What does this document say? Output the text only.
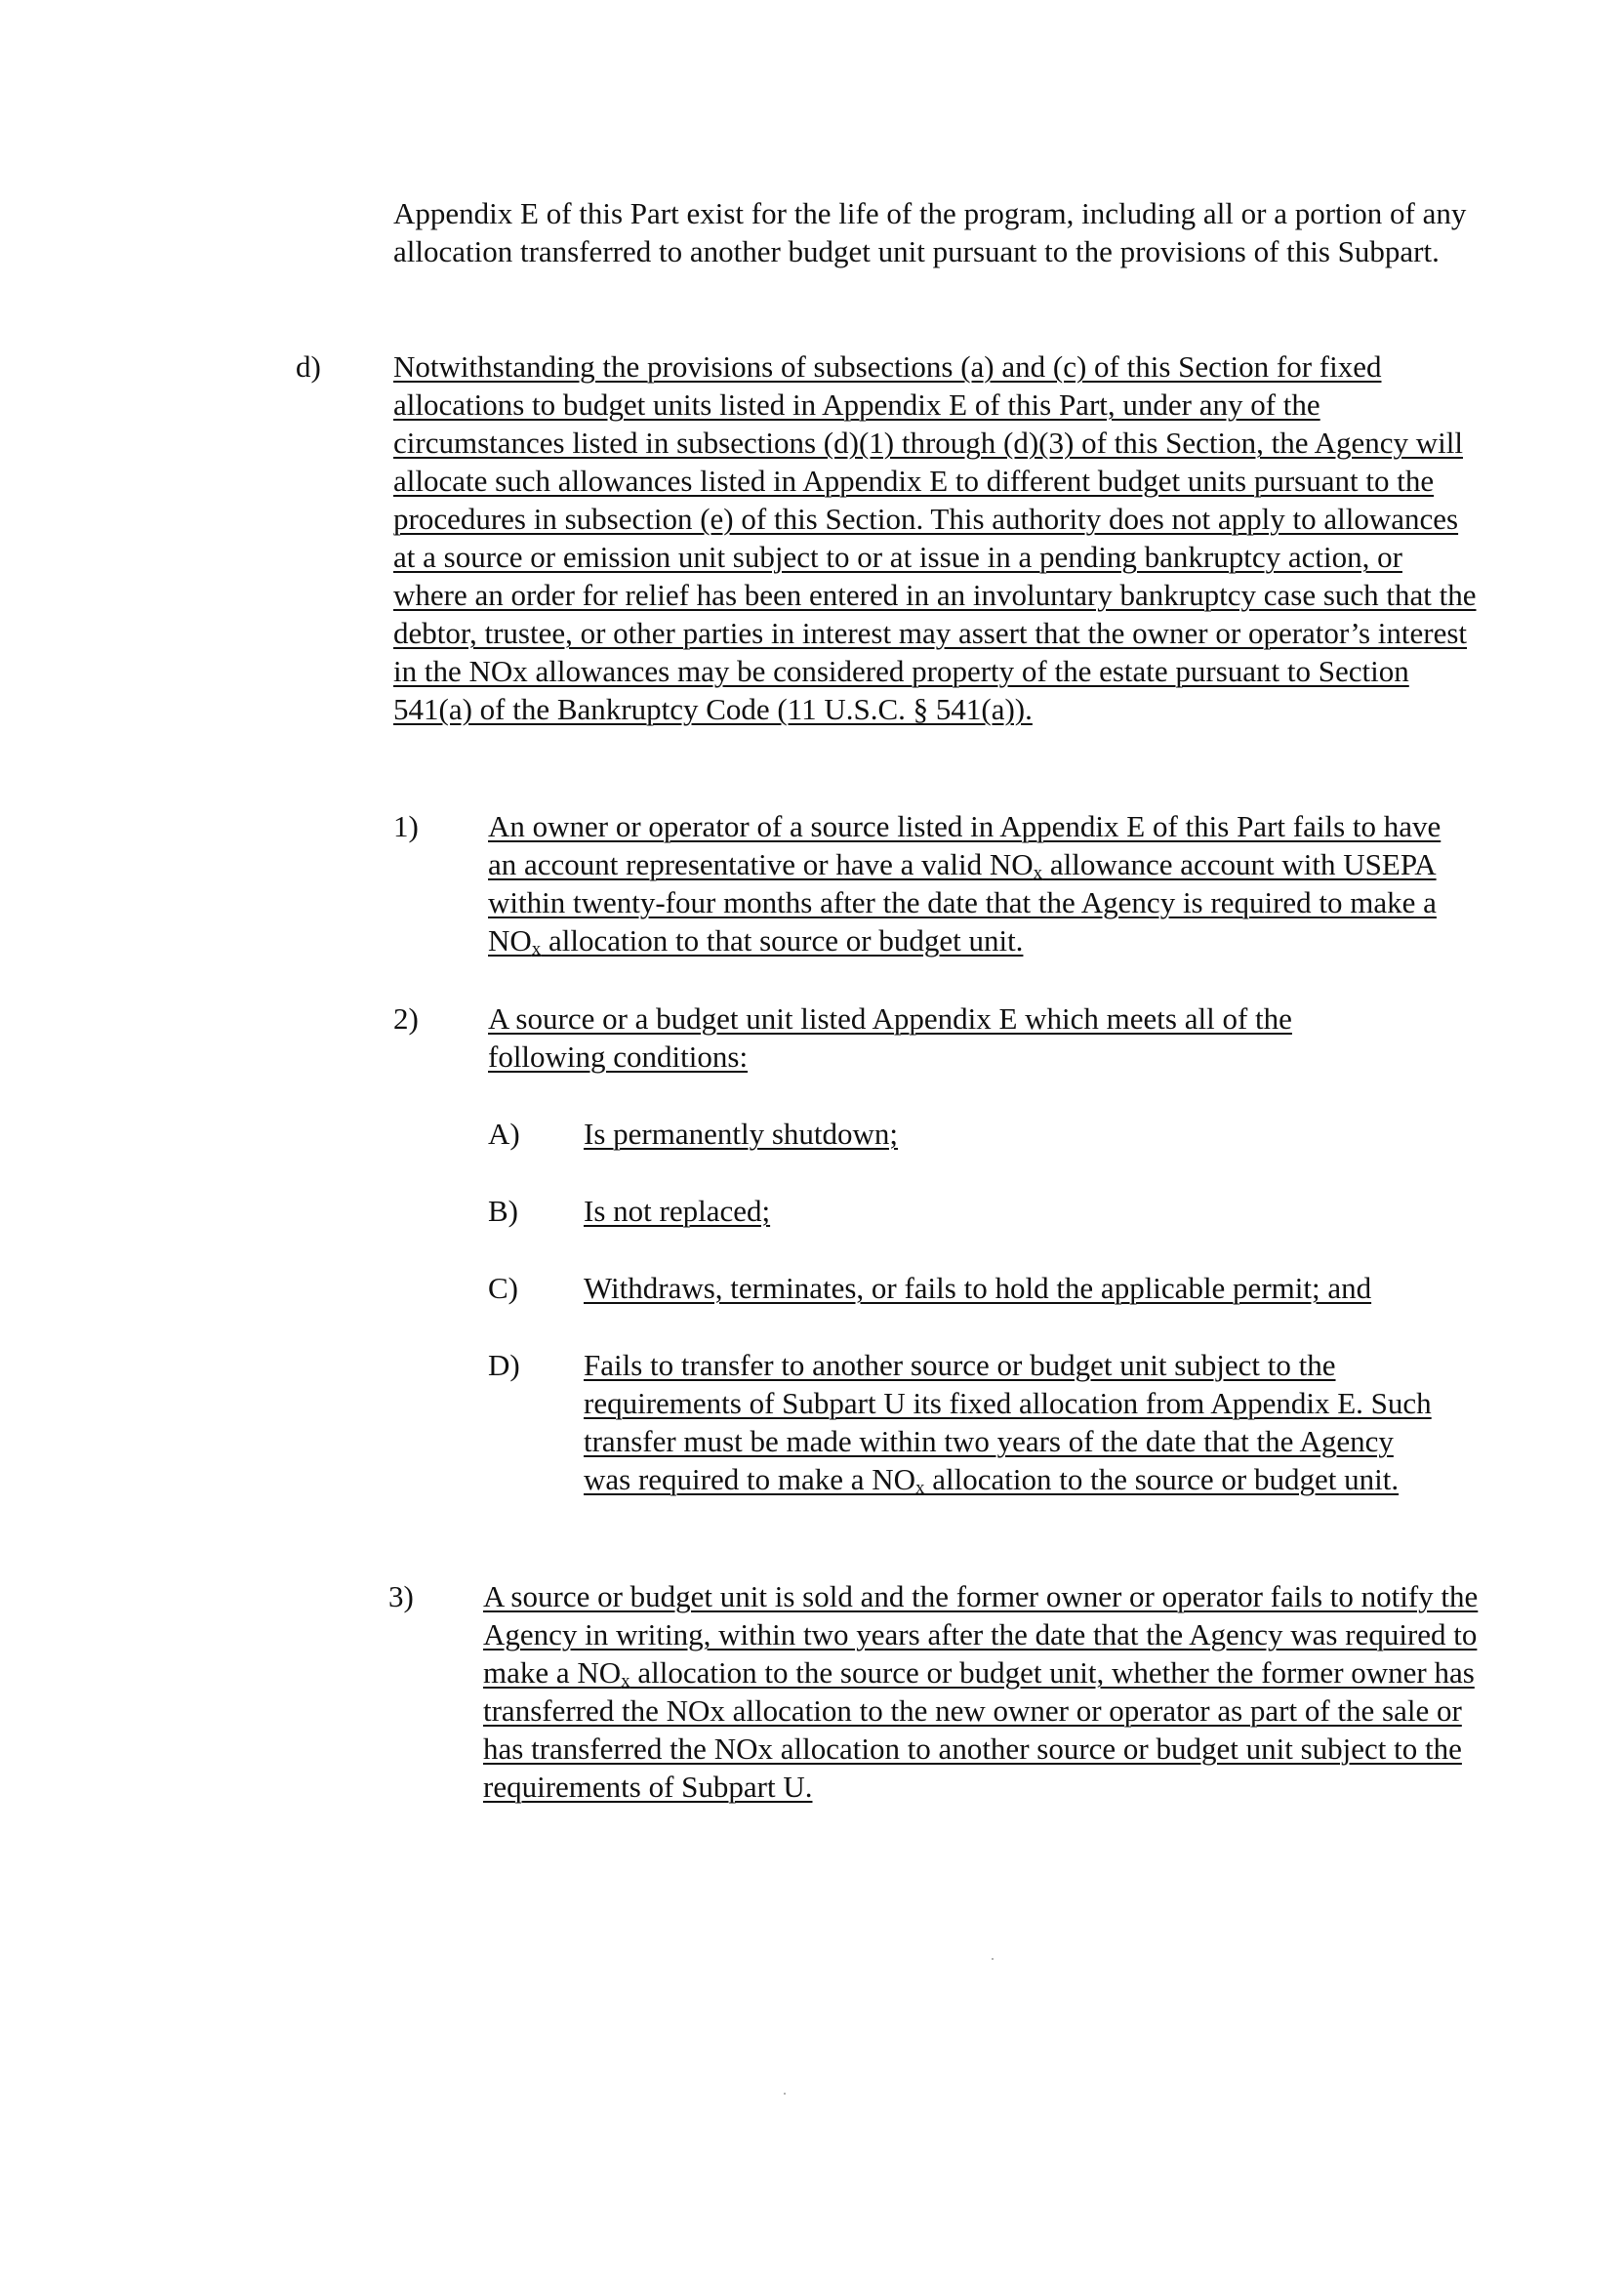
Appendix E of this Part exist for the life of the program, including all or a portion of any allocation transferred to another budget unit pursuant to the provisions of this Subpart.

d)	Notwithstanding the provisions of subsections (a) and (c) of this Section for fixed allocations to budget units listed in Appendix E of this Part, under any of the circumstances listed in subsections (d)(1) through (d)(3) of this Section, the Agency will allocate such allowances listed in Appendix E to different budget units pursuant to the procedures in subsection (e) of this Section. This authority does not apply to allowances at a source or emission unit subject to or at issue in a pending bankruptcy action, or where an order for relief has been entered in an involuntary bankruptcy case such that the debtor, trustee, or other parties in interest may assert that the owner or operator’s interest in the NOx allowances may be considered property of the estate pursuant to Section 541(a) of the Bankruptcy Code (11 U.S.C. § 541(a)).

1)	An owner or operator of a source listed in Appendix E of this Part fails to have an account representative or have a valid $NO_x$ allowance account with USEPA within twenty-four months after the date that the Agency is required to make a $NO_x$ allocation to that source or budget unit.

2)	A source or a budget unit listed Appendix E which meets all of the following conditions:

A)	Is permanently shutdown;

B)	Is not replaced;

C)	Withdraws, terminates, or fails to hold the applicable permit; and

D)	Fails to transfer to another source or budget unit subject to the requirements of Subpart U its fixed allocation from Appendix E. Such transfer must be made within two years of the date that the Agency was required to make a $NO_x$ allocation to the source or budget unit.

3)	A source or budget unit is sold and the former owner or operator fails to notify the Agency in writing, within two years after the date that the Agency was required to make a $NO_x$ allocation to the source or budget unit, whether the former owner has transferred the NOx allocation to the new owner or operator as part of the sale or has transferred the NOx allocation to another source or budget unit subject to the requirements of Subpart U.
